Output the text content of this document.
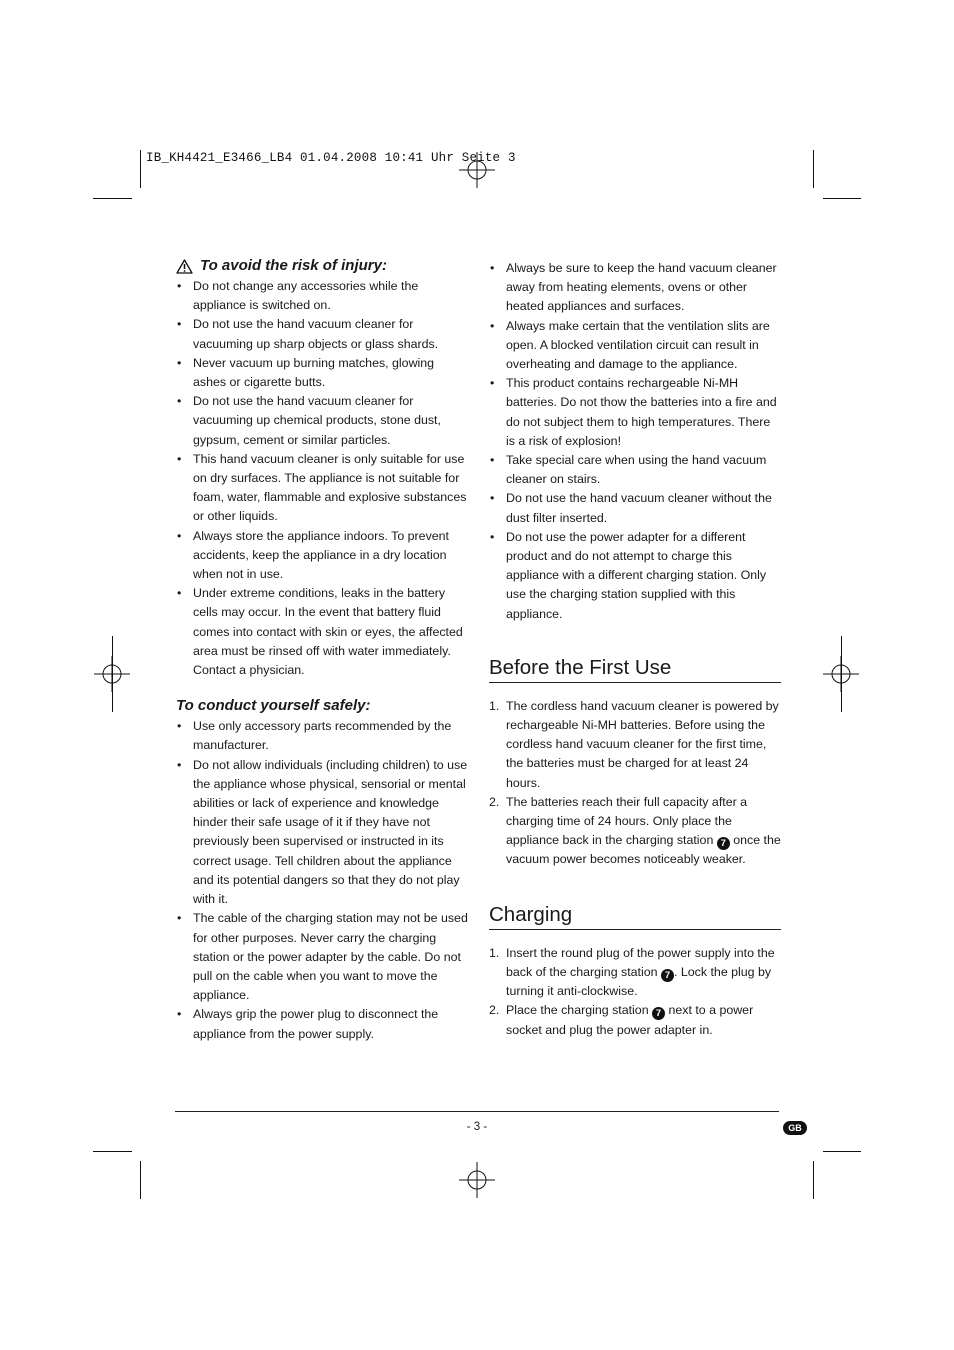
IB_KH4421_E3466_LB4 01.04.2008 10:41 Uhr Seite 3
To avoid the risk of injury:
• Do not change any accessories while the appliance is switched on.
• Do not use the hand vacuum cleaner for vacuuming up sharp objects or glass shards.
• Never vacuum up burning matches, glowing ashes or cigarette butts.
• Do not use the hand vacuum cleaner for vacuuming up chemical products, stone dust, gypsum, cement or similar particles.
• This hand vacuum cleaner is only suitable for use on dry surfaces. The appliance is not suitable for foam, water, flammable and explosive substances or other liquids.
• Always store the appliance indoors. To prevent accidents, keep the appliance in a dry location when not in use.
• Under extreme conditions, leaks in the battery cells may occur. In the event that battery fluid comes into contact with skin or eyes, the affected area must be rinsed off with water immediately. Contact a physician.
To conduct yourself safely:
• Use only accessory parts recommended by the manufacturer.
• Do not allow individuals (including children) to use the appliance whose physical, sensorial or mental abilities or lack of experience and knowledge hinder their safe usage of it if they have not previously been supervised or instructed in its correct usage. Tell children about the appliance and its potential dangers so that they do not play with it.
• The cable of the charging station may not be used for other purposes. Never carry the charging station or the power adapter by the cable. Do not pull on the cable when you want to move the appliance.
• Always grip the power plug to disconnect the appliance from the power supply.
• Always be sure to keep the hand vacuum cleaner away from heating elements, ovens or other heated appliances and surfaces.
• Always make certain that the ventilation slits are open. A blocked ventilation circuit can result in overheating and damage to the appliance.
• This product contains rechargeable Ni-MH batteries. Do not thow the batteries into a fire and do not subject them to high temperatures. There is a risk of explosion!
• Take special care when using the hand vacuum cleaner on stairs.
• Do not use the hand vacuum cleaner without the dust filter inserted.
• Do not use the power adapter for a different product and do not attempt to charge this appliance with a different charging station. Only use the charging station supplied with this appliance.
Before the First Use
1. The cordless hand vacuum cleaner is powered by rechargeable Ni-MH batteries. Before using the cordless hand vacuum cleaner for the first time, the batteries must be charged for at least 24 hours.
2. The batteries reach their full capacity after a charging time of 24 hours. Only place the appliance back in the charging station 7 once the vacuum power becomes noticeably weaker.
Charging
1. Insert the round plug of the power supply into the back of the charging station 7 . Lock the plug by turning it anti-clockwise.
2. Place the charging station 7 next to a power socket and plug the power adapter in.
- 3 -	GB
